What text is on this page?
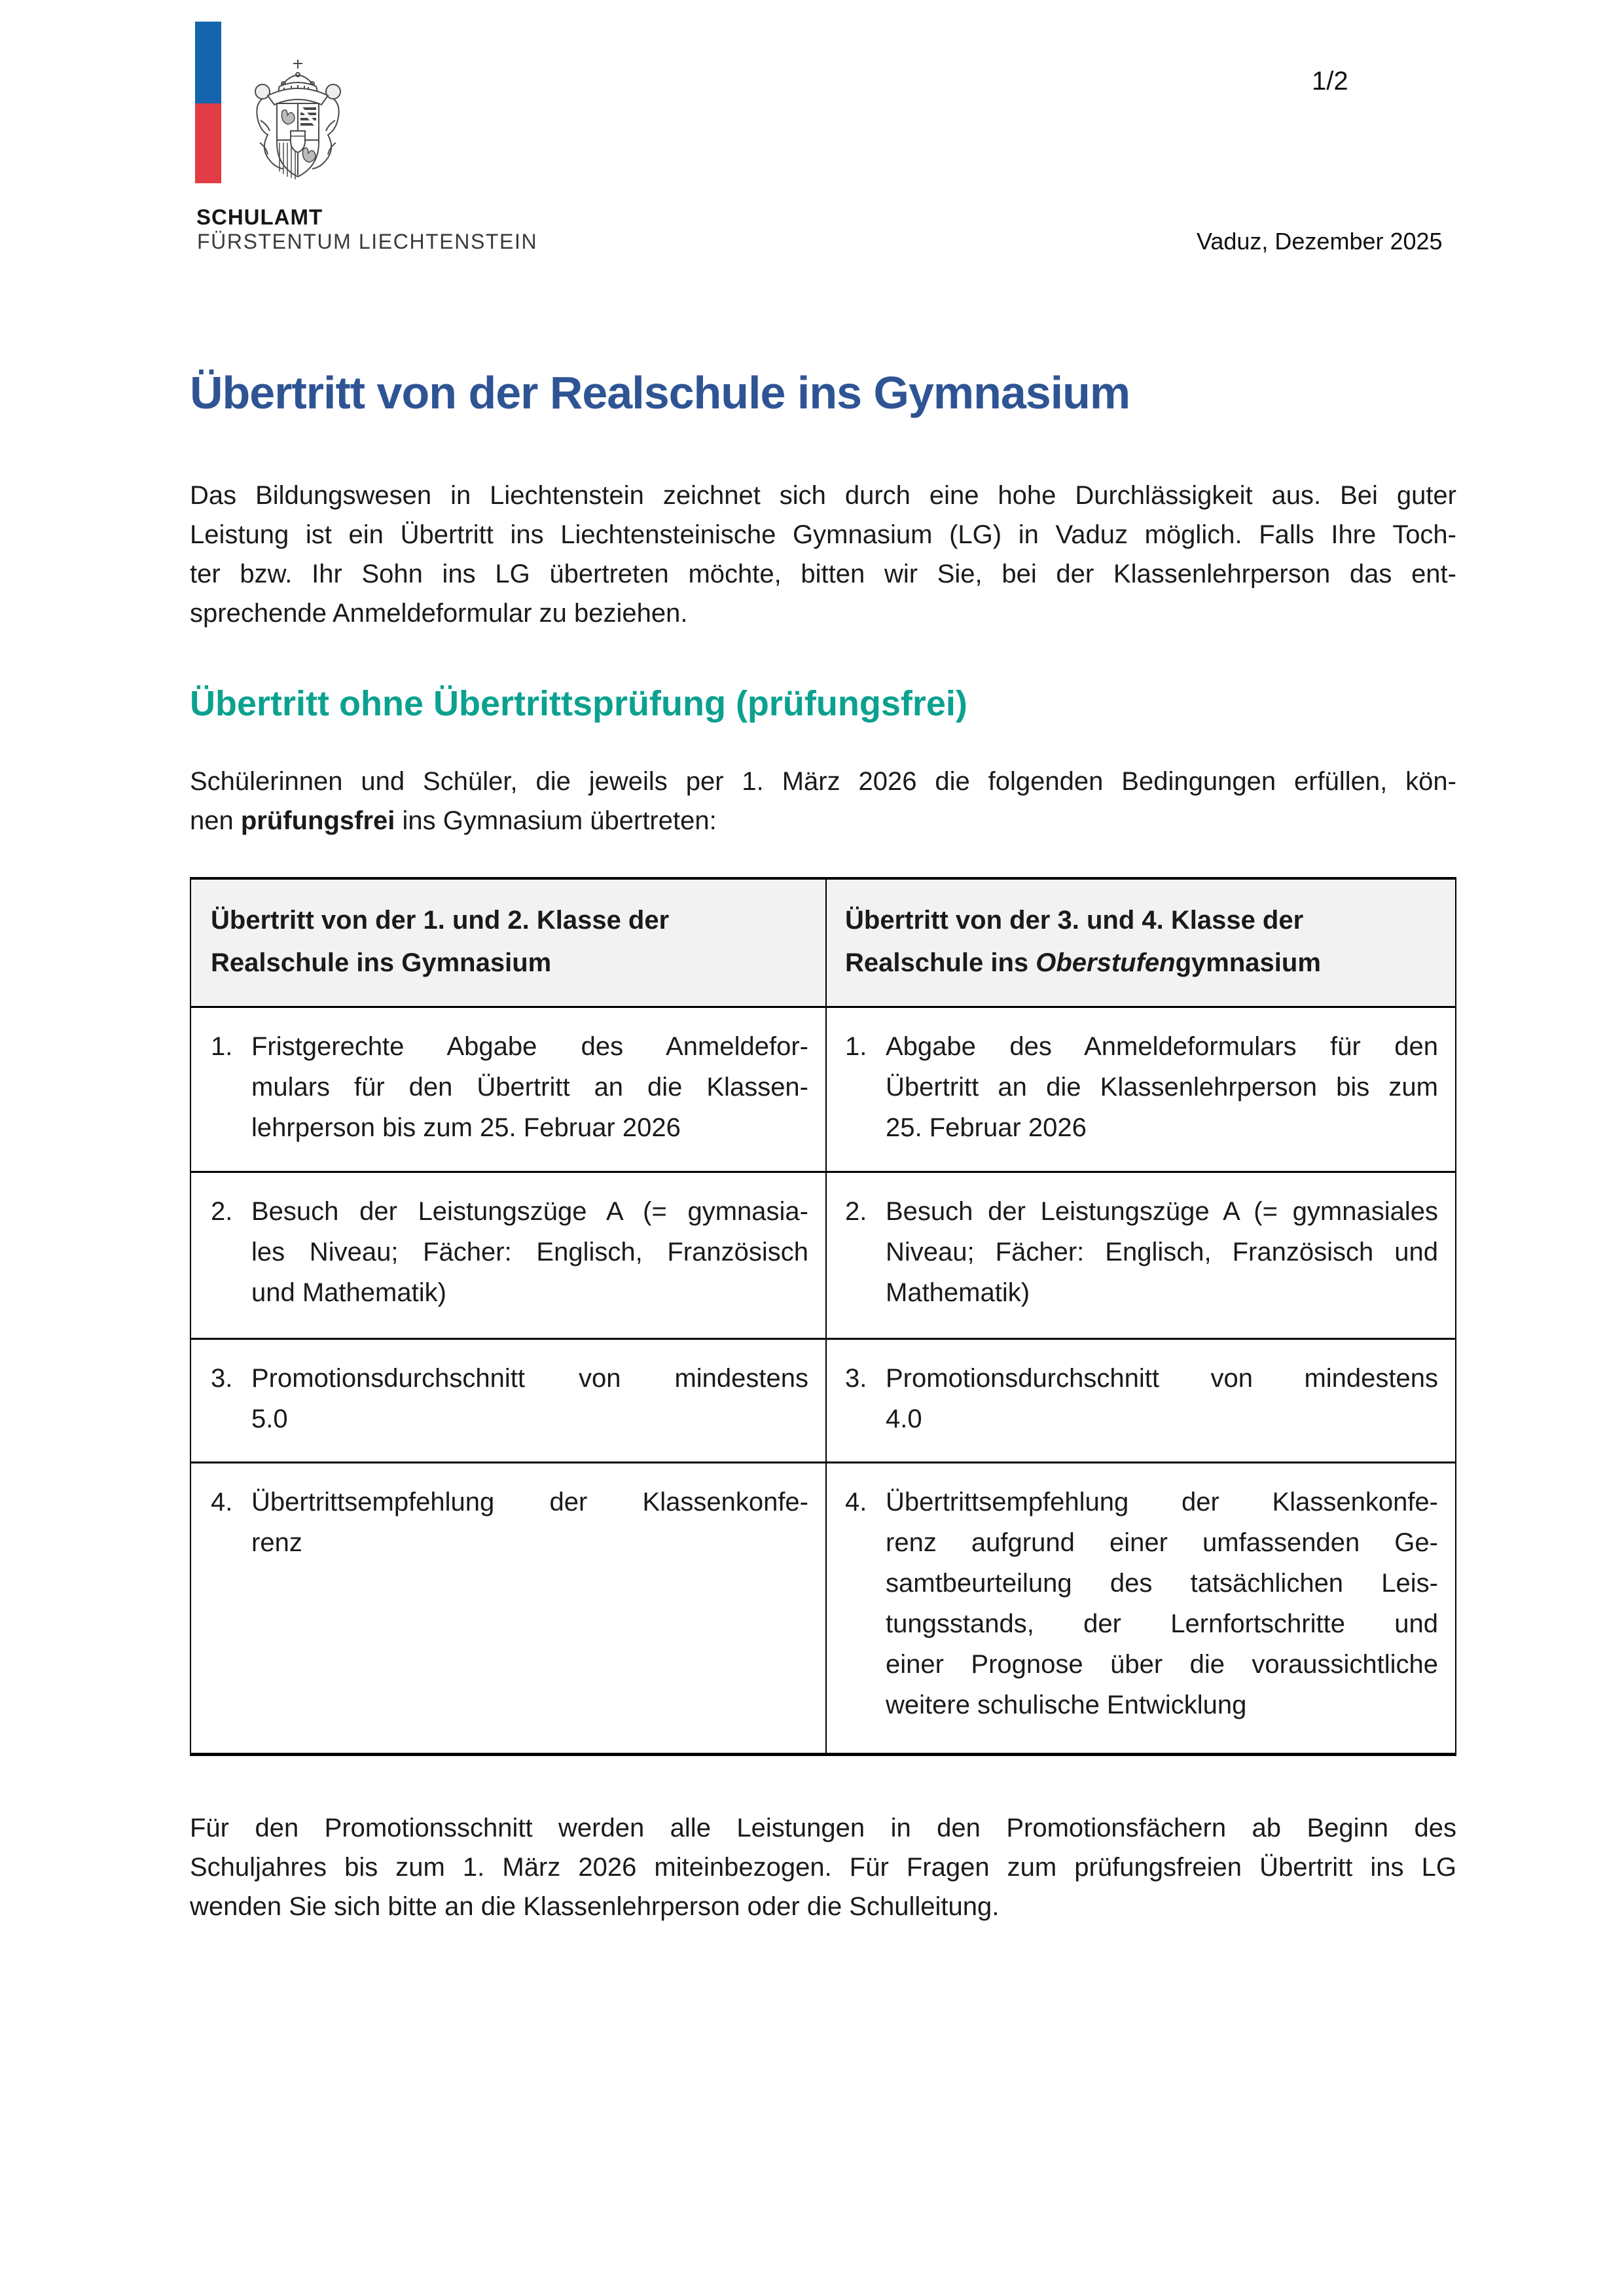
SCHULAMT
FÜRSTENTUM LIECHTENSTEIN
1/2
Vaduz, Dezember 2025
Übertritt von der Realschule ins Gymnasium
Das Bildungswesen in Liechtenstein zeichnet sich durch eine hohe Durchlässigkeit aus. Bei guter
Leistung ist ein Übertritt ins Liechtensteinische Gymnasium (LG) in Vaduz möglich. Falls Ihre Toch-
ter bzw. Ihr Sohn ins LG übertreten möchte, bitten wir Sie, bei der Klassenlehrperson das ent-
sprechende Anmeldeformular zu beziehen.
Übertritt ohne Übertrittsprüfung (prüfungsfrei)
Schülerinnen und Schüler, die jeweils per 1. März 2026 die folgenden Bedingungen erfüllen, kön-
nen prüfungsfrei ins Gymnasium übertreten:
Übertritt von der 1. und 2. Klasse der
Realschule ins Gymnasium
Übertritt von der 3. und 4. Klasse der
Realschule ins Oberstufengymnasium
1. Fristgerechte Abgabe des Anmeldefor-
mulars für den Übertritt an die Klassen-
lehrperson bis zum 25. Februar 2026
1. Abgabe des Anmeldeformulars für den
Übertritt an die Klassenlehrperson bis zum
25. Februar 2026
2. Besuch der Leistungszüge A (= gymnasia-
les Niveau; Fächer: Englisch, Französisch
und Mathematik)
2. Besuch der Leistungszüge A (= gymnasiales
Niveau; Fächer: Englisch, Französisch und
Mathematik)
3. Promotionsdurchschnitt von mindestens
5.0
3. Promotionsdurchschnitt von mindestens
4.0
4. Übertrittsempfehlung der Klassenkonfe-
renz
4. Übertrittsempfehlung der Klassenkonfe-
renz aufgrund einer umfassenden Ge-
samtbeurteilung des tatsächlichen Leis-
tungsstands, der Lernfortschritte und
einer Prognose über die voraussichtliche
weitere schulische Entwicklung
Für den Promotionsschnitt werden alle Leistungen in den Promotionsfächern ab Beginn des
Schuljahres bis zum 1. März 2026 miteinbezogen. Für Fragen zum prüfungsfreien Übertritt ins LG
wenden Sie sich bitte an die Klassenlehrperson oder die Schulleitung.
